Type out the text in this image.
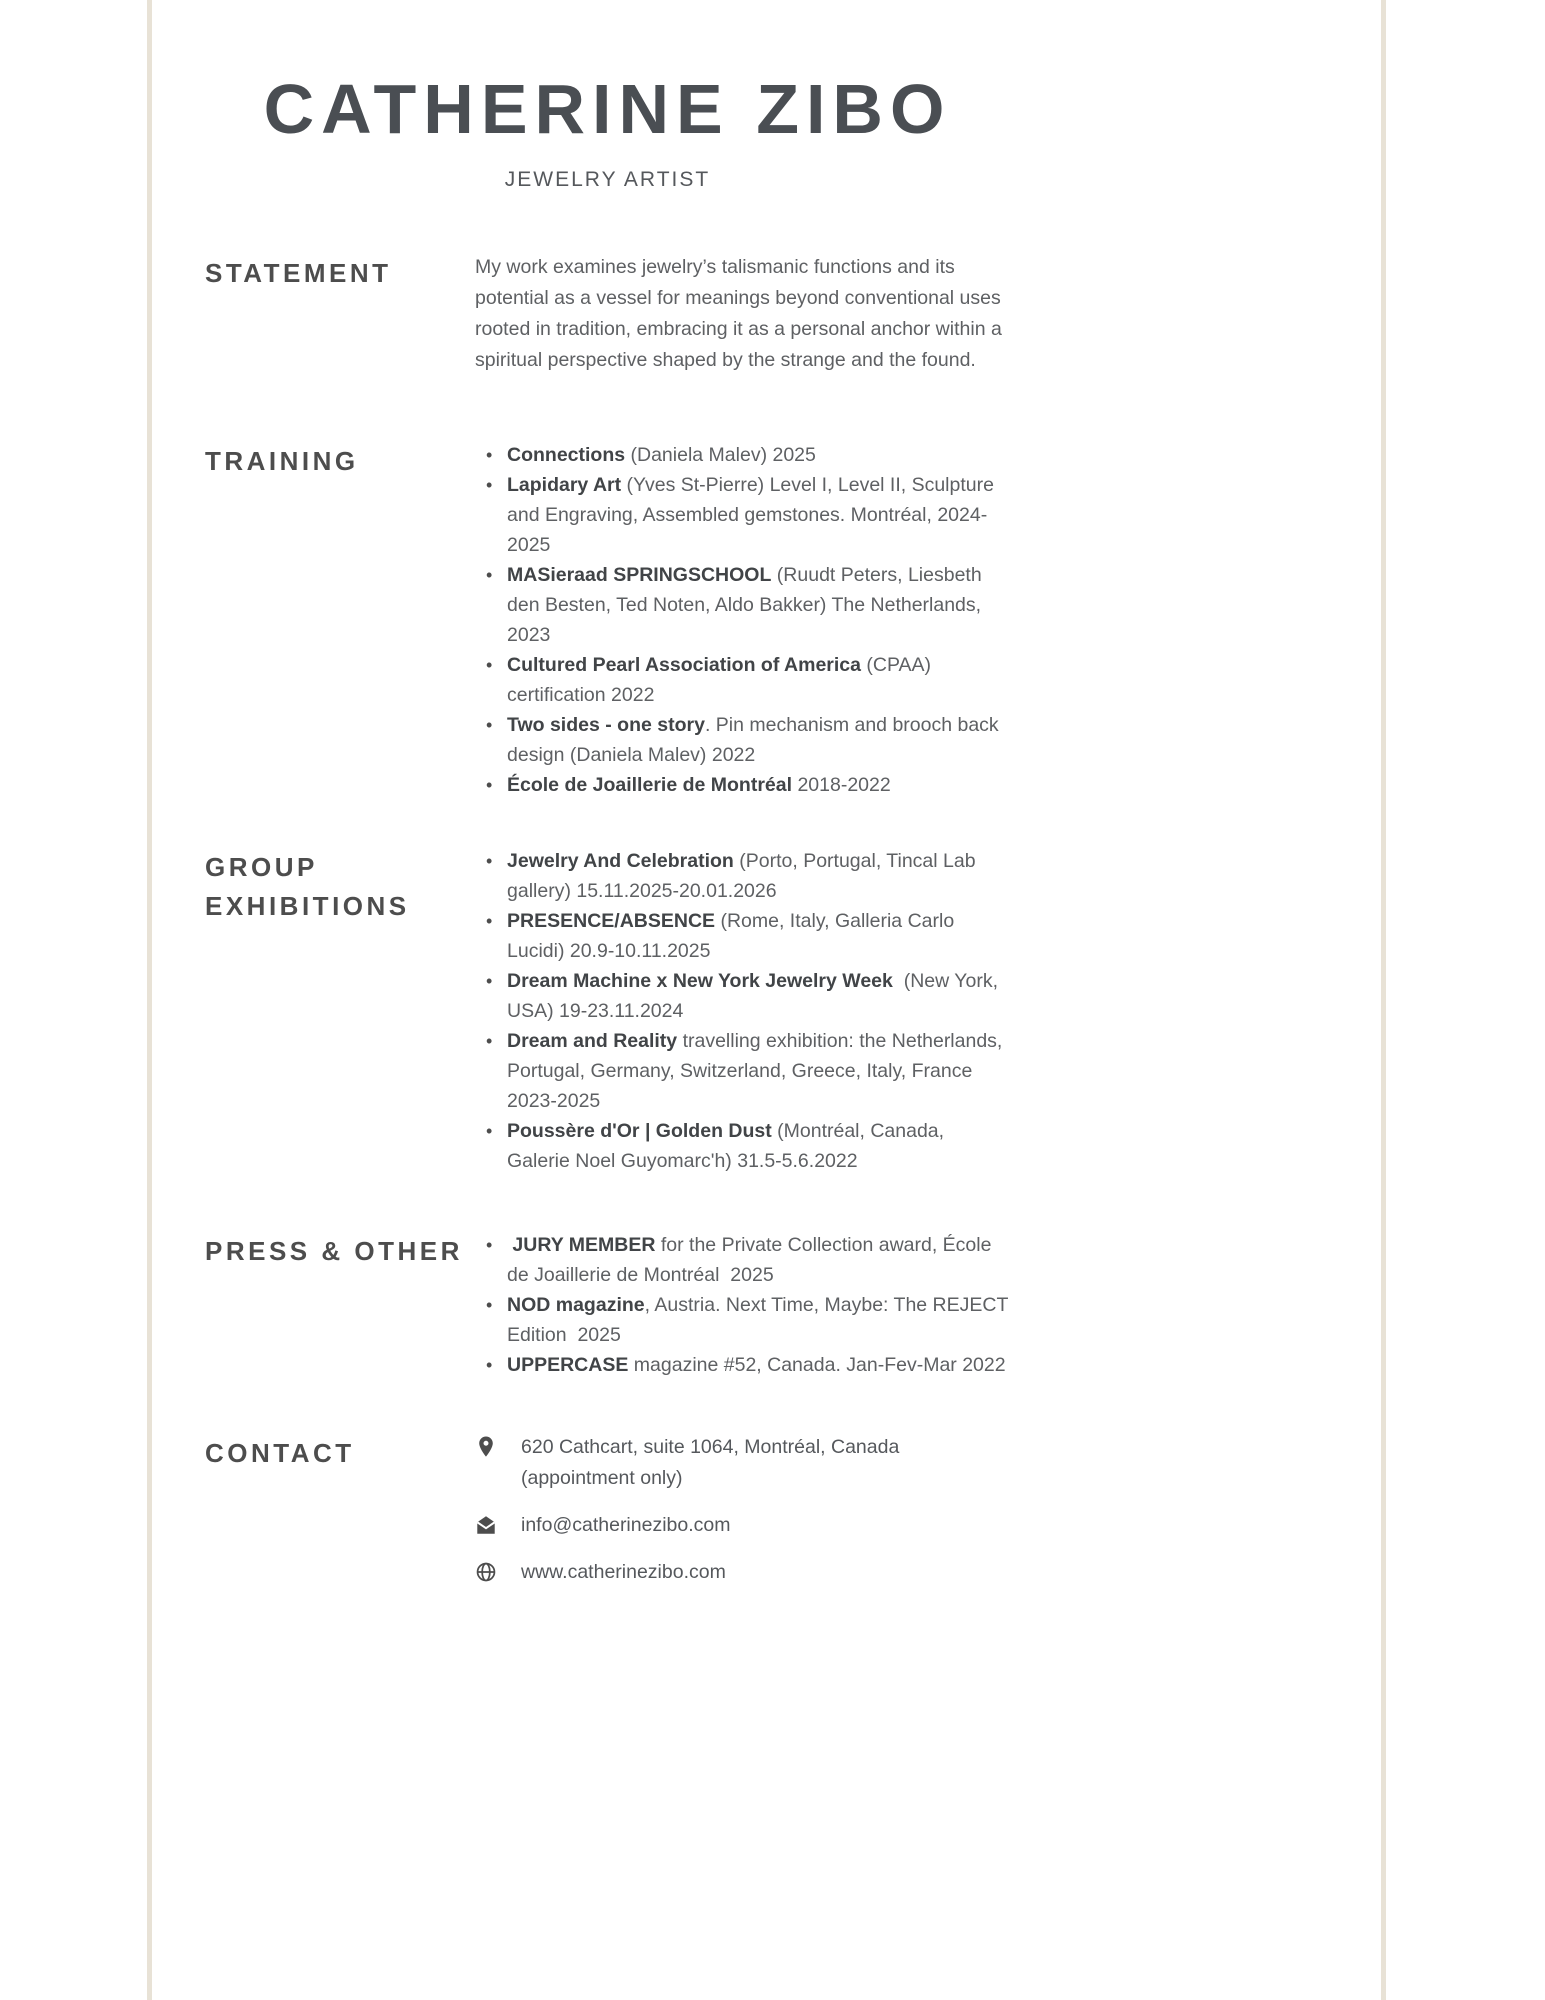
CATHERINE ZIBO
JEWELRY ARTIST
STATEMENT	My work examines jewelry’s talismanic functions and its potential as a vessel for meanings beyond conventional uses rooted in tradition, embracing it as a personal anchor within a spiritual perspective shaped by the strange and the found.

TRAINING	• Connections (Daniela Malev) 2025
• Lapidary Art (Yves St-Pierre) Level I, Level II, Sculpture and Engraving, Assembled gemstones. Montréal, 2024-2025
• MASieraad SPRINGSCHOOL (Ruudt Peters, Liesbeth den Besten, Ted Noten, Aldo Bakker) The Netherlands, 2023
• Cultured Pearl Association of America (CPAA) certification 2022
• Two sides - one story. Pin mechanism and brooch back design (Daniela Malev) 2022
• École de Joaillerie de Montréal 2018-2022
GROUP EXHIBITIONS
• Jewelry And Celebration (Porto, Portugal, Tincal Lab gallery) 15.11.2025-20.01.2026
• PRESENCE/ABSENCE (Rome, Italy, Galleria Carlo Lucidi) 20.9-10.11.2025
• Dream Machine x New York Jewelry Week  (New York, USA) 19-23.11.2024
• Dream and Reality travelling exhibition: the Netherlands, Portugal, Germany, Switzerland, Greece, Italy, France 2023-2025
• Poussère d'Or | Golden Dust (Montréal, Canada, Galerie Noel Guyomarc'h) 31.5-5.6.2022
PRESS & OTHER	•  JURY MEMBER for the Private Collection award, École de Joaillerie de Montréal  2025
• NOD magazine, Austria. Next Time, Maybe: The REJECT Edition  2025
• UPPERCASE magazine #52, Canada. Jan-Fev-Mar 2022
CONTACT	620 Cathcart, suite 1064, Montréal, Canada
(appointment only)
info@catherinezibo.com
www.catherinezibo.com
